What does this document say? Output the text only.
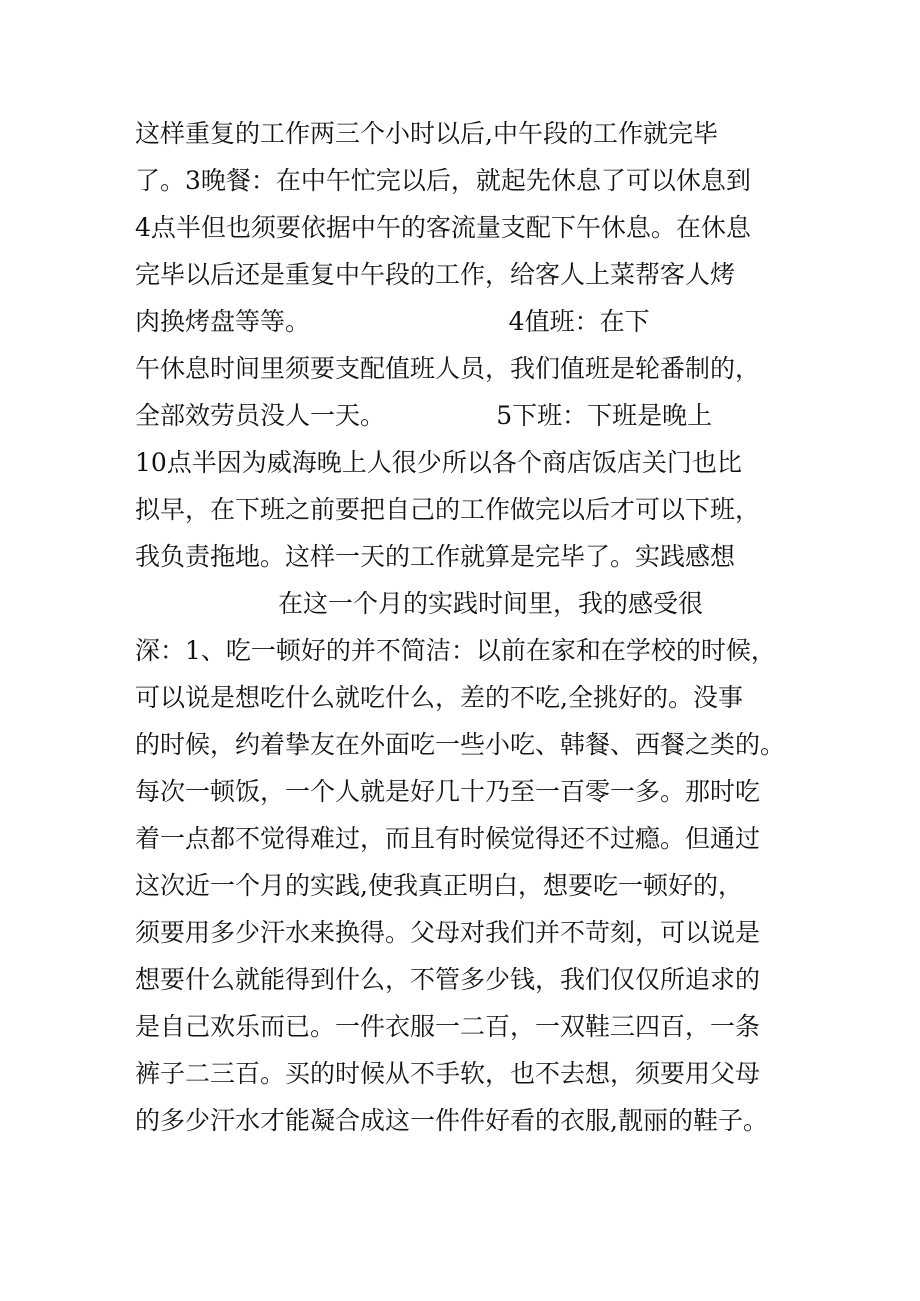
这样重复的工作两三个小时以后,中午段的工作就完毕
了。3晚餐：在中午忙完以后，就起先休息了可以休息到
4点半但也须要依据中午的客流量支配下午休息。在休息
完毕以后还是重复中午段的工作，给客人上菜帮客人烤
肉换烤盘等等。                         4值班：在下
午休息时间里须要支配值班人员，我们值班是轮番制的，
全部效劳员没人一天。              5下班：下班是晚上
10点半因为威海晚上人很少所以各个商店饭店关门也比
拟早，在下班之前要把自己的工作做完以后才可以下班，
我负责拖地。这样一天的工作就算是完毕了。实践感想
在这一个月的实践时间里，我的感受很
深：1、吃一顿好的并不简洁：以前在家和在学校的时候，
可以说是想吃什么就吃什么，差的不吃,全挑好的。没事
的时候，约着挚友在外面吃一些小吃、韩餐、西餐之类的。
每次一顿饭，一个人就是好几十乃至一百零一多。那时吃
着一点都不觉得难过，而且有时候觉得还不过瘾。但通过
这次近一个月的实践,使我真正明白，想要吃一顿好的，
须要用多少汗水来换得。父母对我们并不苛刻，可以说是
想要什么就能得到什么，不管多少钱，我们仅仅所追求的
是自己欢乐而已。一件衣服一二百，一双鞋三四百，一条
裤子二三百。买的时候从不手软，也不去想，须要用父母
的多少汗水才能凝合成这一件件好看的衣服,靓丽的鞋子。
